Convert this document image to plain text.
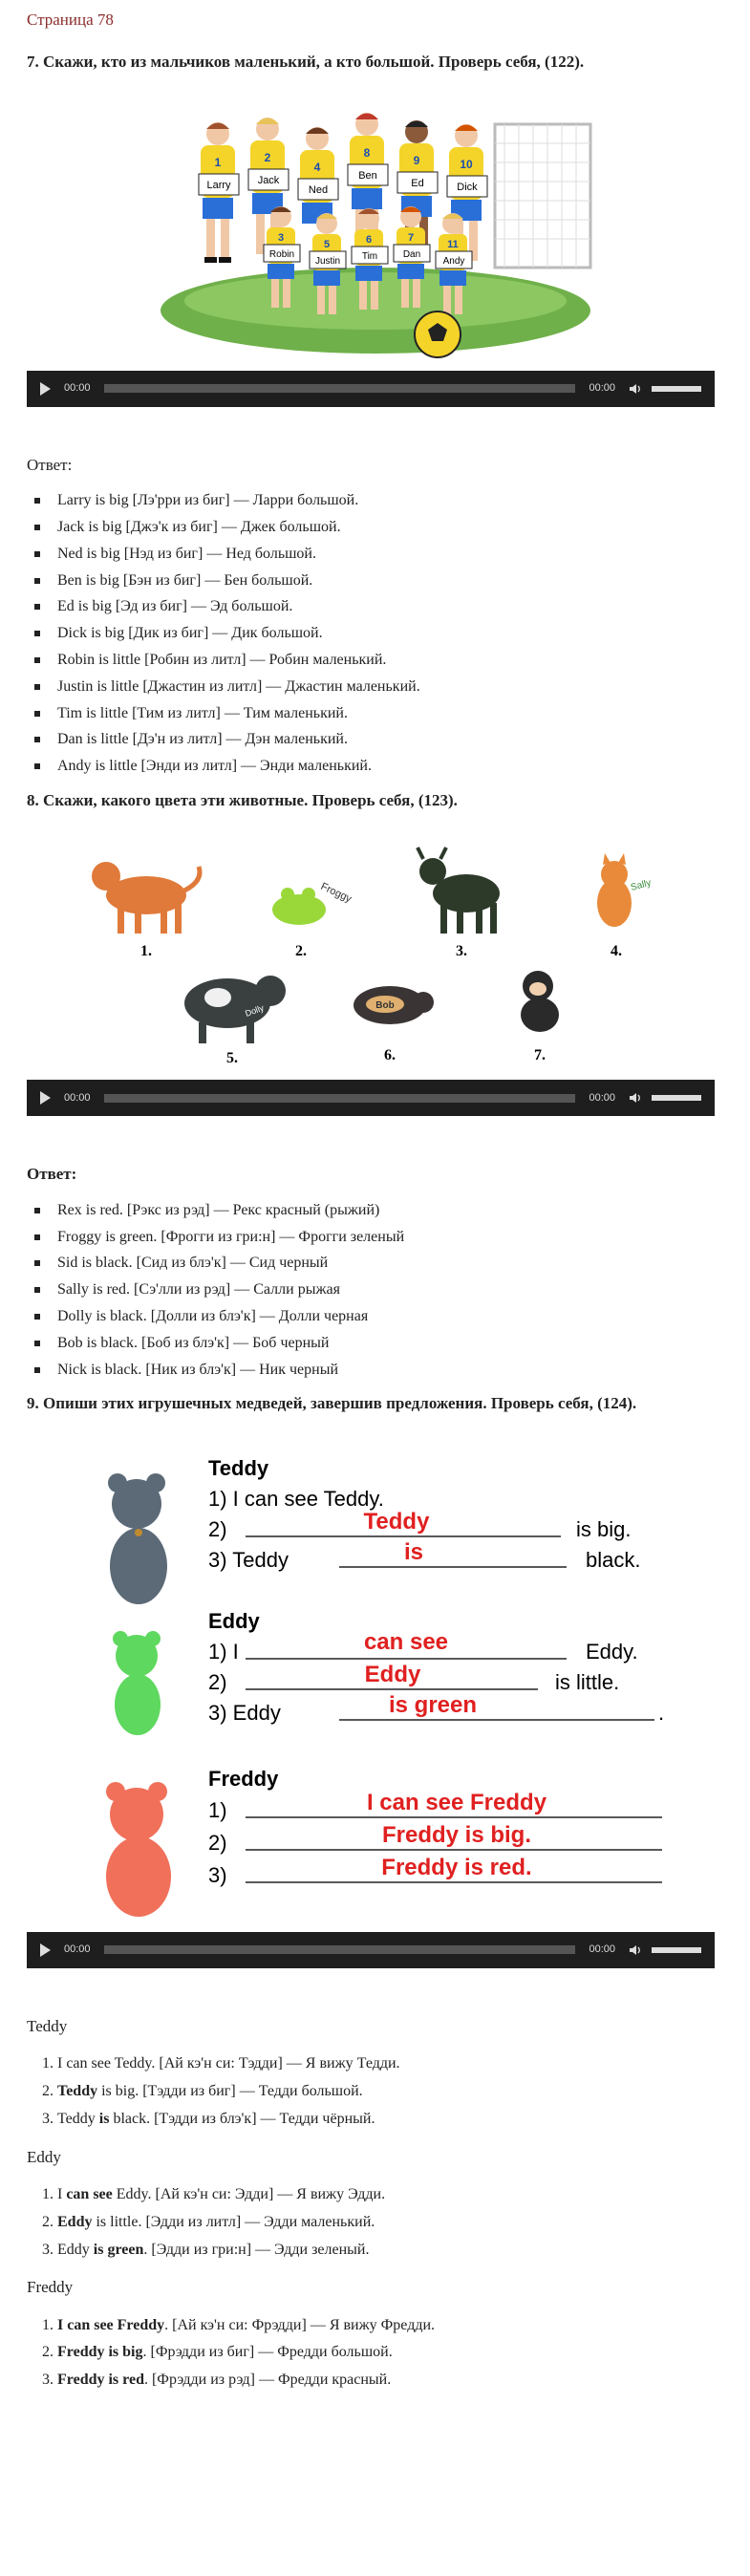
Страница 78
7. Скажи, кто из мальчиков маленький, а кто большой. Проверь себя, (122).
Larry
1
Jack
2
Ned
4
Ben
8
Ed
9
Dick
10
Robin
3
Justin
5
Tim
6
Dan
7
Andy
11
00:00	00:00
Ответ:
Larry is big [Лэ'рри из биг] — Ларри большой.
Jack is big [Джэ'к из биг] — Джек большой.
Ned is big [Нэд из биг] — Нед большой.
Ben is big [Бэн из биг] — Бен большой.
Ed is big [Эд из биг] — Эд большой.
Dick is big [Дик из биг] — Дик большой.
Robin is little [Робин из литл] — Робин маленький.
Justin is little [Джастин из литл] — Джастин маленький.
Tim is little [Тим из литл] — Тим маленький.
Dan is little [Дэ'н из литл] — Дэн маленький.
Andy is little [Энди из литл] — Энди маленький.
8. Скажи, какого цвета эти животные. Проверь себя, (123).
1.
Froggy
2.	3.
Sally
4.
Dolly
5.
Bob
6.	7.
00:00	00:00
Ответ:
Rex is red. [Рэкс из рэд] — Рекс красный (рыжий)
Froggy is green. [Фрогги из гри:н] — Фрогги зеленый
Sid is black. [Сид из блэ'к] — Сид черный
Sally is red. [Сэ'лли из рэд] — Салли рыжая
Dolly is black. [Долли из блэ'к] — Долли черная
Bob is black. [Боб из блэ'к] — Боб черный
Nick is black. [Ник из блэ'к] — Ник черный
9. Опиши этих игрушечных медведей, завершив предложения. Проверь себя, (124).
Teddy
1) I can see Teddy.
2)	Teddy	is big.
3) Teddy	is	black.
Eddy
1) I	can see	Eddy.
2)	Eddy	is little.
3) Eddy	is green	.
Freddy
1)	I can see Freddy
2)	Freddy is big.
3)	Freddy is red.
00:00	00:00
Teddy
1. I can see Teddy. [Ай кэ'н си: Тэдди] — Я вижу Тедди.
2. Teddy is big. [Тэдди из биг] — Тедди большой.
3. Teddy is black. [Тэдди из блэ'к] — Тедди чёрный.
Eddy
1. I can see Eddy. [Ай кэ'н си: Эдди] — Я вижу Эдди.
2. Eddy is little. [Эдди из литл] — Эдди маленький.
3. Eddy is green. [Эдди из гри:н] — Эдди зеленый.
Freddy
1. I can see Freddy. [Ай кэ'н си: Фрэдди] — Я вижу Фредди.
2. Freddy is big. [Фрэдди из биг] — Фредди большой.
3. Freddy is red. [Фрэдди из рэд] — Фредди красный.
